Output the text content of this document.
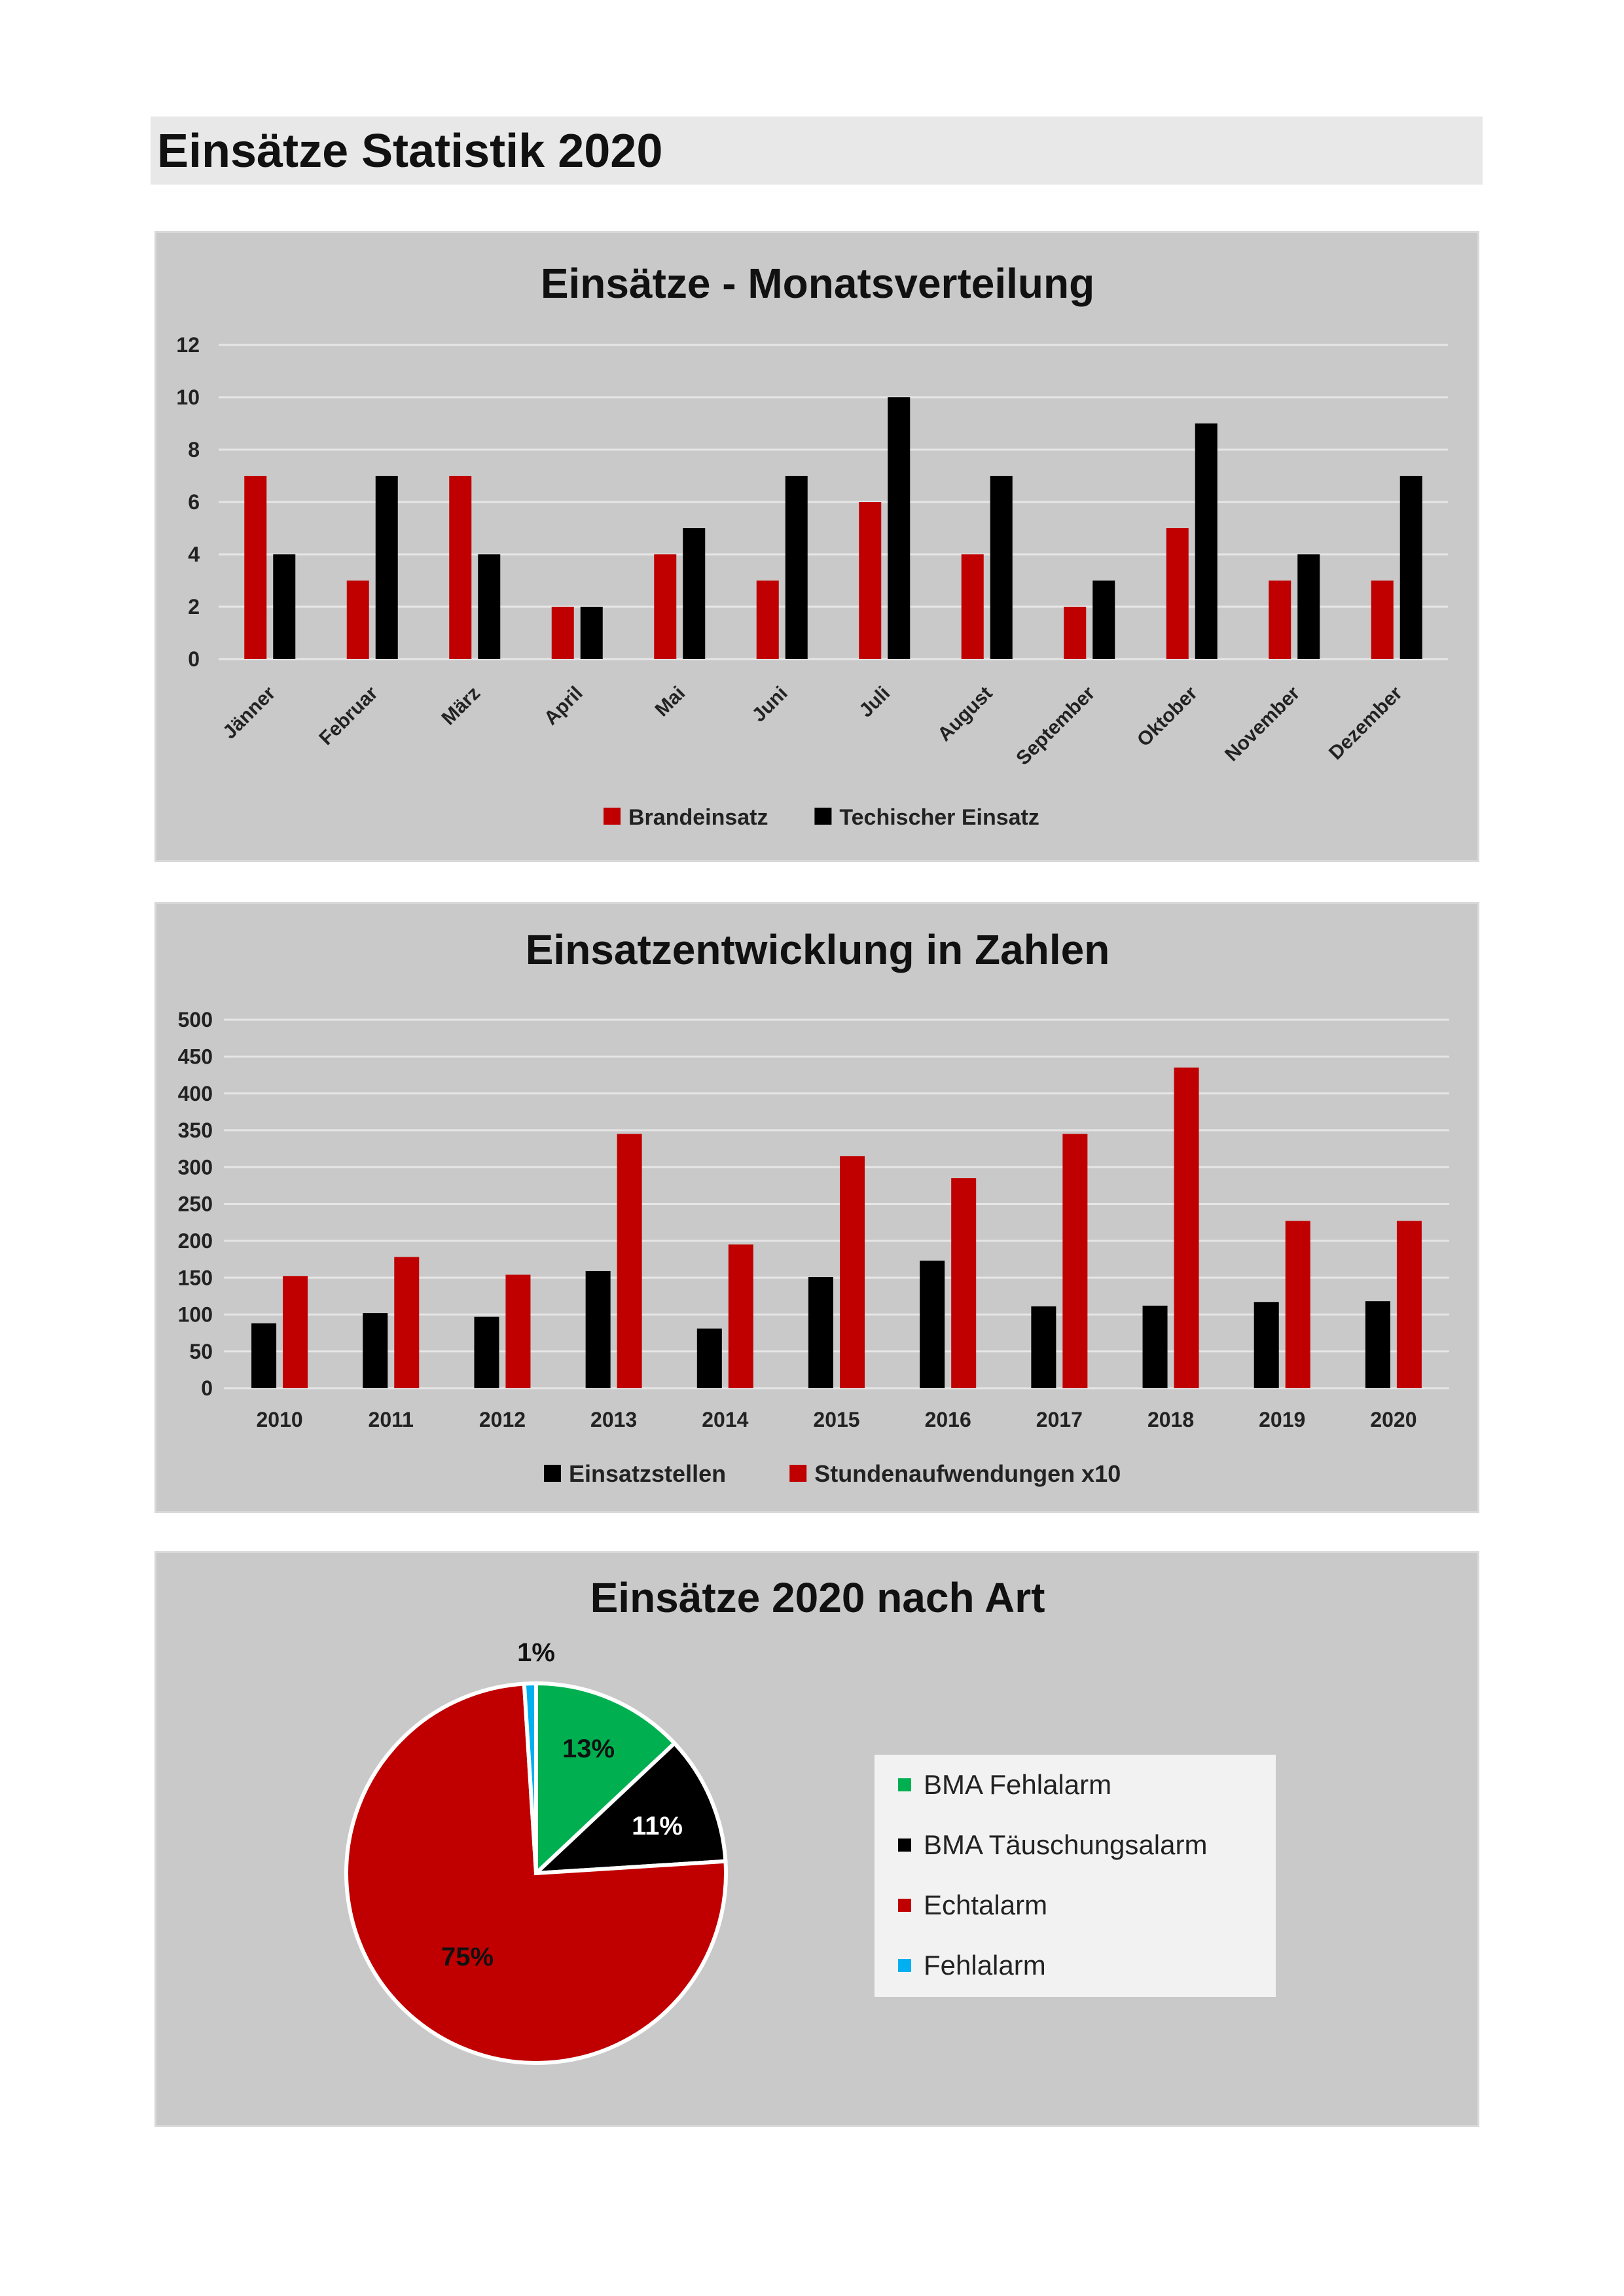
Einsätze Statistik 2020
Einsätze - Monatsverteilung
0
2
4
6
8
10
12
Jänner Februar	März	April	Mai	Juni	Juli August September Oktober November Dezember
Brandeinsatz	Techischer Einsatz
Einsatzentwicklung in Zahlen
0
50
100
150
200
250
300
350
400
450
500
2010	2011	2012	2013	2014	2015	2016	2017	2018	2019	2020
Einsatzstellen	Stundenaufwendungen x10
Einsätze 2020 nach Art
13%
11%
75%
1%
BMA Fehlalarm
BMA Täuschungsalarm
Echtalarm
Fehlalarm
